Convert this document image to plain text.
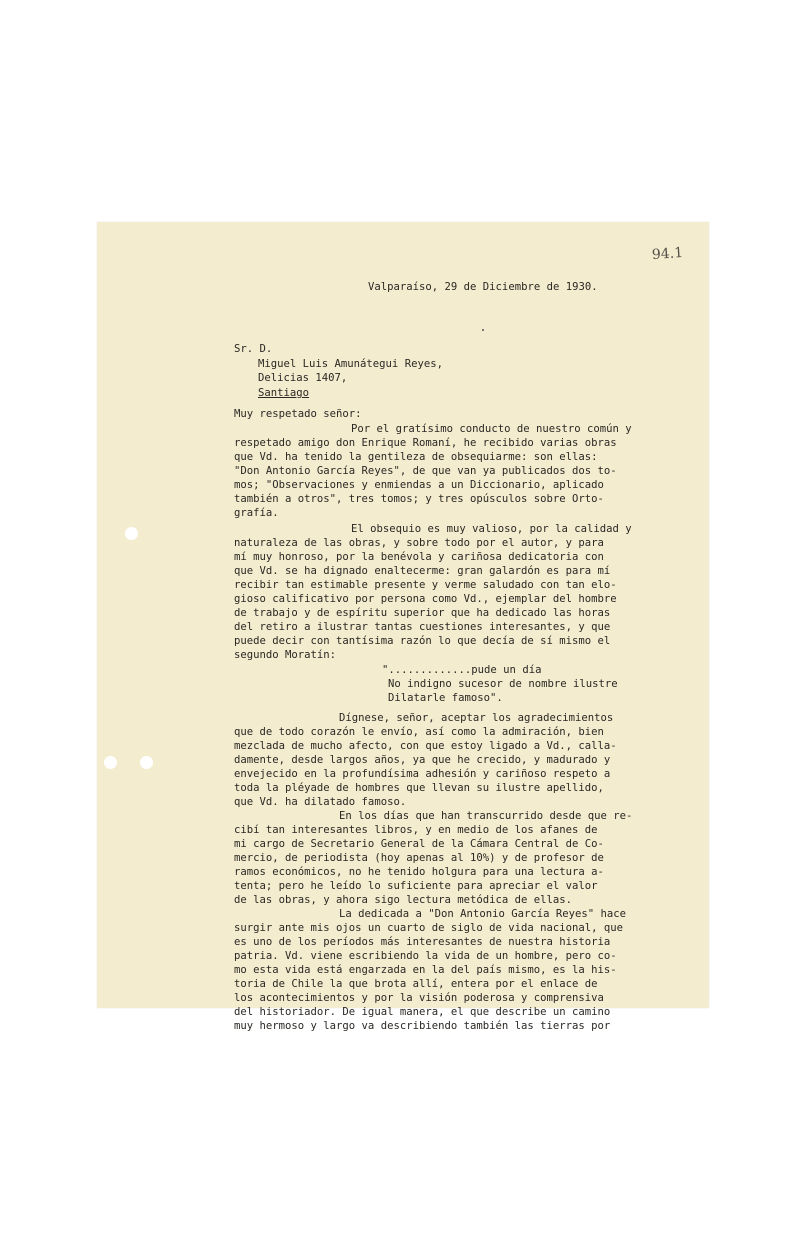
94.1
Valparaíso, 29 de Diciembre de 1930.
Sr. D.
Miguel Luis Amunátegui Reyes,
Delicias 1407,
Santiago
Muy respetado señor:
Por el gratísimo conducto de nuestro común y
respetado amigo don Enrique Romaní, he recibido varias obras
que Vd. ha tenido la gentileza de obsequiarme: son ellas:
"Don Antonio García Reyes", de que van ya publicados dos to-
mos; "Observaciones y enmiendas a un Diccionario, aplicado
también a otros", tres tomos; y tres opúsculos sobre Orto-
grafía.
El obsequio es muy valioso, por la calidad y
naturaleza de las obras, y sobre todo por el autor, y para
mí muy honroso, por la benévola y cariñosa dedicatoria con
que Vd. se ha dignado enaltecerme: gran galardón es para mí
recibir tan estimable presente y verme saludado con tan elo-
gioso calificativo por persona como Vd., ejemplar del hombre
de trabajo y de espíritu superior que ha dedicado las horas
del retiro a ilustrar tantas cuestiones interesantes, y que
puede decir con tantísima razón lo que decía de sí mismo el
segundo Moratín:
".............pude un día
No indigno sucesor de nombre ilustre
Dilatarle famoso".
Dígnese, señor, aceptar los agradecimientos
que de todo corazón le envío, así como la admiración, bien
mezclada de mucho afecto, con que estoy ligado a Vd., calla-
damente, desde largos años, ya que he crecido, y madurado y
envejecido en la profundísima adhesión y cariñoso respeto a
toda la pléyade de hombres que llevan su ilustre apellido,
que Vd. ha dilatado famoso.
En los días que han transcurrido desde que re-
cibí tan interesantes libros, y en medio de los afanes de
mi cargo de Secretario General de la Cámara Central de Co-
mercio, de periodista (hoy apenas al 10%) y de profesor de
ramos económicos, no he tenido holgura para una lectura a-
tenta; pero he leído lo suficiente para apreciar el valor
de las obras, y ahora sigo lectura metódica de ellas.
La dedicada a "Don Antonio García Reyes" hace
surgir ante mis ojos un cuarto de siglo de vida nacional, que
es uno de los períodos más interesantes de nuestra historia
patria. Vd. viene escribiendo la vida de un hombre, pero co-
mo esta vida está engarzada en la del país mismo, es la his-
toria de Chile la que brota allí, entera por el enlace de
los acontecimientos y por la visión poderosa y comprensiva
del historiador. De igual manera, el que describe un camino
muy hermoso y largo va describiendo también las tierras por
